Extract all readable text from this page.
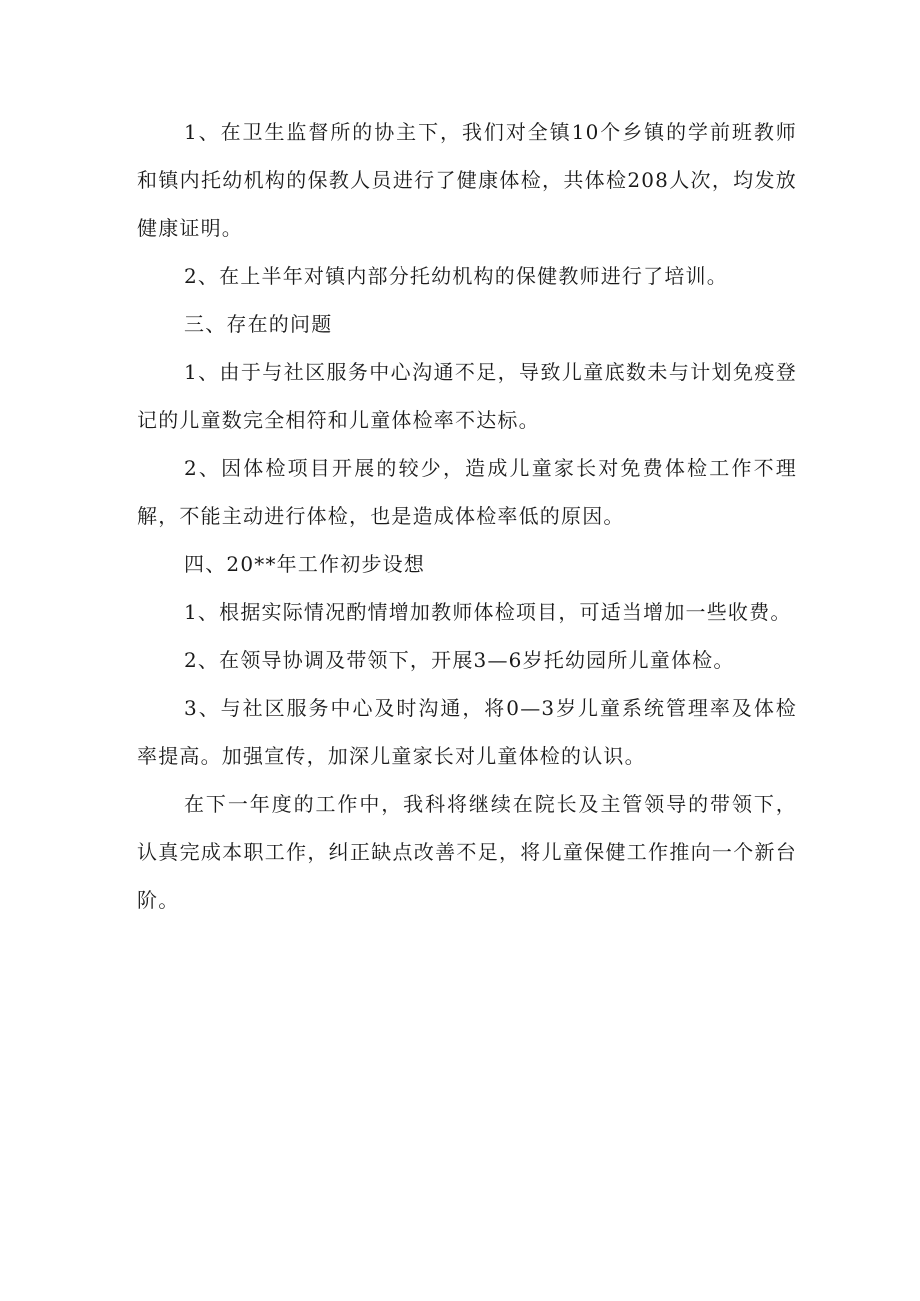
1、在卫生监督所的协主下，我们对全镇10个乡镇的学前班教师和镇内托幼机构的保教人员进行了健康体检，共体检208人次，均发放健康证明。

2、在上半年对镇内部分托幼机构的保健教师进行了培训。

三、存在的问题

1、由于与社区服务中心沟通不足，导致儿童底数未与计划免疫登记的儿童数完全相符和儿童体检率不达标。

2、因体检项目开展的较少，造成儿童家长对免费体检工作不理解，不能主动进行体检，也是造成体检率低的原因。

四、20**年工作初步设想

1、根据实际情况酌情增加教师体检项目，可适当增加一些收费。

2、在领导协调及带领下，开展3—6岁托幼园所儿童体检。

3、与社区服务中心及时沟通，将0—3岁儿童系统管理率及体检率提高。加强宣传，加深儿童家长对儿童体检的认识。

在下一年度的工作中，我科将继续在院长及主管领导的带领下，认真完成本职工作，纠正缺点改善不足，将儿童保健工作推向一个新台阶。
